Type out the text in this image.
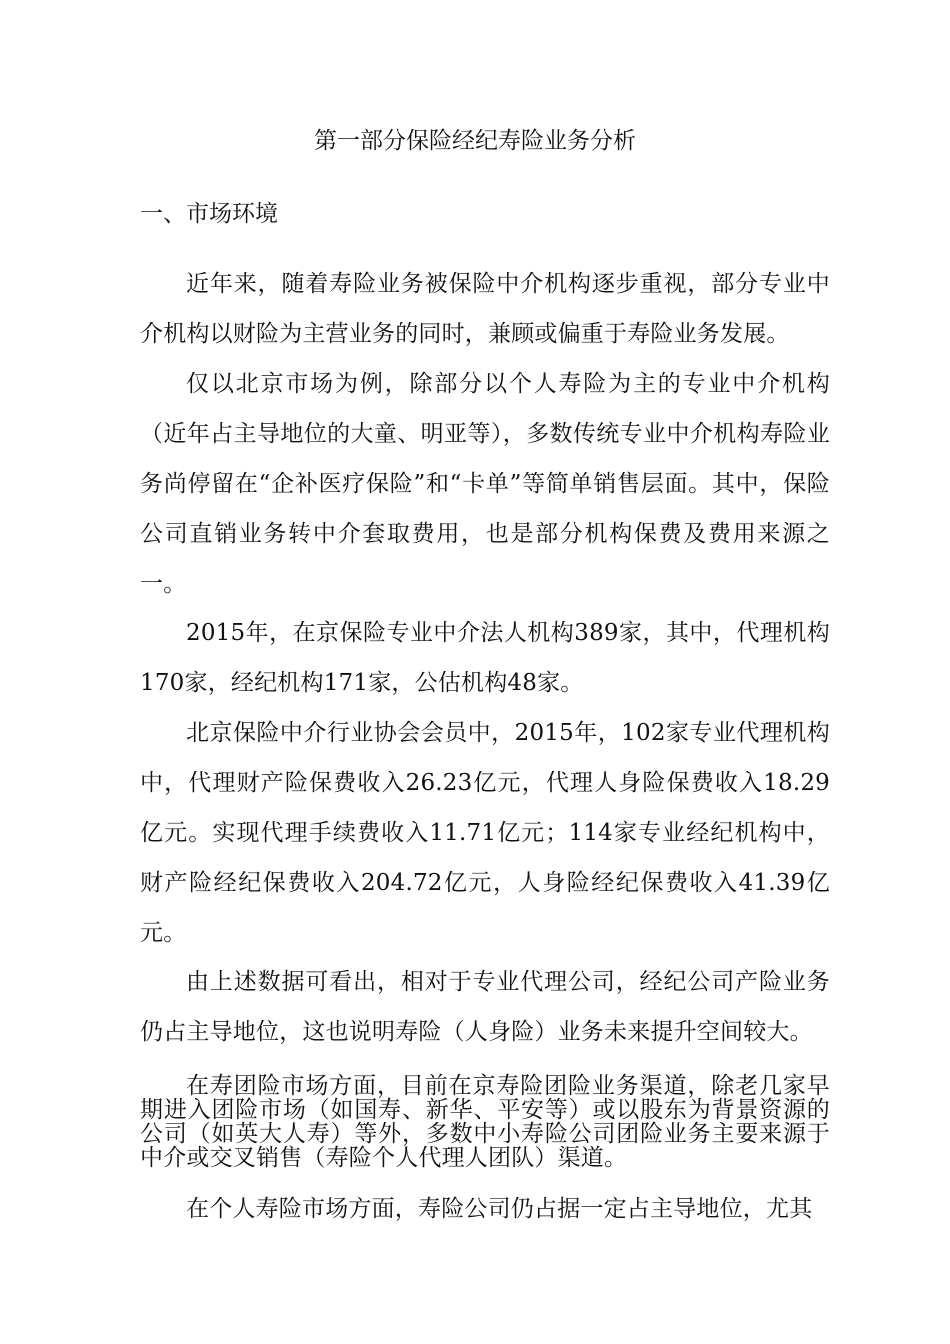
第一部分保险经纪寿险业务分析
一、市场环境

近年来，随着寿险业务被保险中介机构逐步重视，部分专业中介机构以财险为主营业务的同时，兼顾或偏重于寿险业务发展。

仅以北京市场为例，除部分以个人寿险为主的专业中介机构（近年占主导地位的大童、明亚等），多数传统专业中介机构寿险业务尚停留在“企补医疗保险”和“卡单”等简单销售层面。其中，保险公司直销业务转中介套取费用，也是部分机构保费及费用来源之一。

2015年，在京保险专业中介法人机构389家，其中，代理机构170家，经纪机构171家，公估机构48家。

北京保险中介行业协会会员中，2015年，102家专业代理机构中，代理财产险保费收入26.23亿元，代理人身险保费收入18.29亿元。实现代理手续费收入11.71亿元；114家专业经纪机构中，财产险经纪保费收入204.72亿元，人身险经纪保费收入41.39亿元。

由上述数据可看出，相对于专业代理公司，经纪公司产险业务仍占主导地位，这也说明寿险（人身险）业务未来提升空间较大。

在寿团险市场方面，目前在京寿险团险业务渠道，除老几家早期进入团险市场（如国寿、新华、平安等）或以股东为背景资源的公司（如英大人寿）等外，多数中小寿险公司团险业务主要来源于中介或交叉销售（寿险个人代理人团队）渠道。

在个人寿险市场方面，寿险公司仍占据一定占主导地位，尤其
